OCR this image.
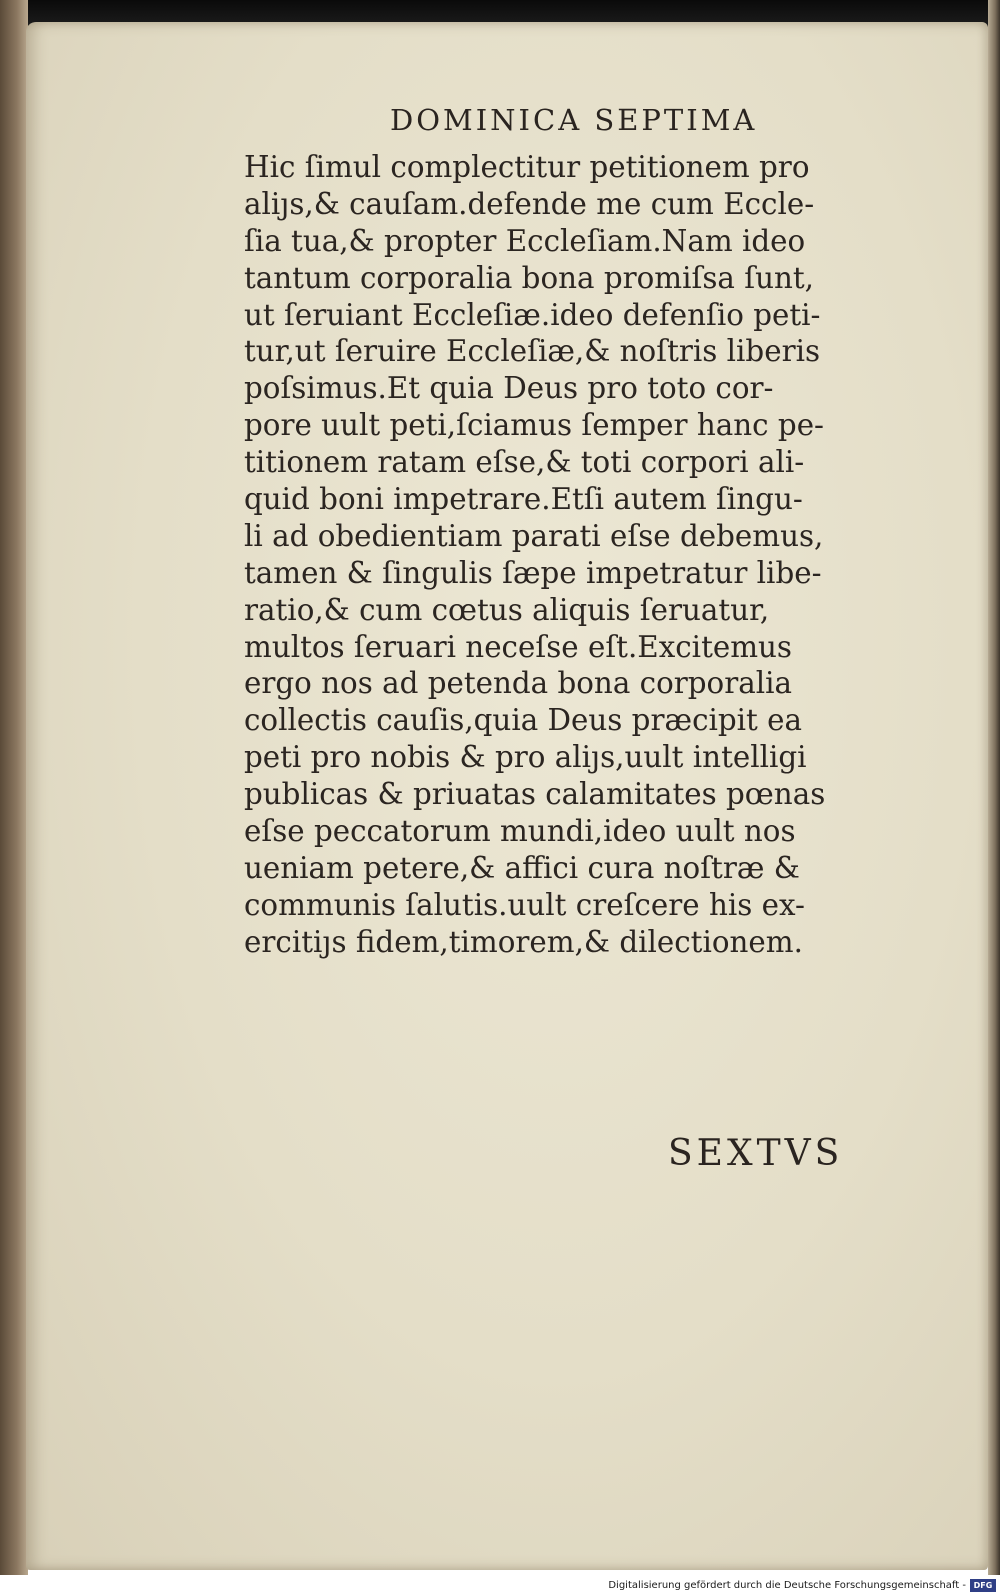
DOMINICA SEPTIMA
Hic ſimul complectitur petitionem pro
aliȷs,& cauſam.defende me cum Eccle-
ſia tua,& propter Eccleſiam.Nam ideo
tantum corporalia bona promiſsa ſunt,
ut ſeruiant Eccleſiæ.ideo defenſio peti-
tur,ut ſeruire Eccleſiæ,& noſtris liberis
poſsimus.Et quia Deus pro toto cor-
pore uult peti,ſciamus ſemper hanc pe-
titionem ratam eſse,& toti corpori ali-
quid boni impetrare.Etſi autem ſingu-
li ad obedientiam parati eſse debemus,
tamen & ſingulis ſæpe impetratur libe-
ratio,& cum cœtus aliquis ſeruatur,
multos ſeruari neceſse eſt.Excitemus
ergo nos ad petenda bona corporalia
collectis cauſis,quia Deus præcipit ea
peti pro nobis & pro aliȷs,uult intelligi
publicas & priuatas calamitates pœnas
eſse peccatorum mundi,ideo uult nos
ueniam petere,& affici cura noſtræ &
communis ſalutis.uult creſcere his ex-
ercitiȷs fidem,timorem,& dilectionem.
SEXTVS
Digitalisierung gefördert durch die Deutsche Forschungsgemeinschaft - DFG
